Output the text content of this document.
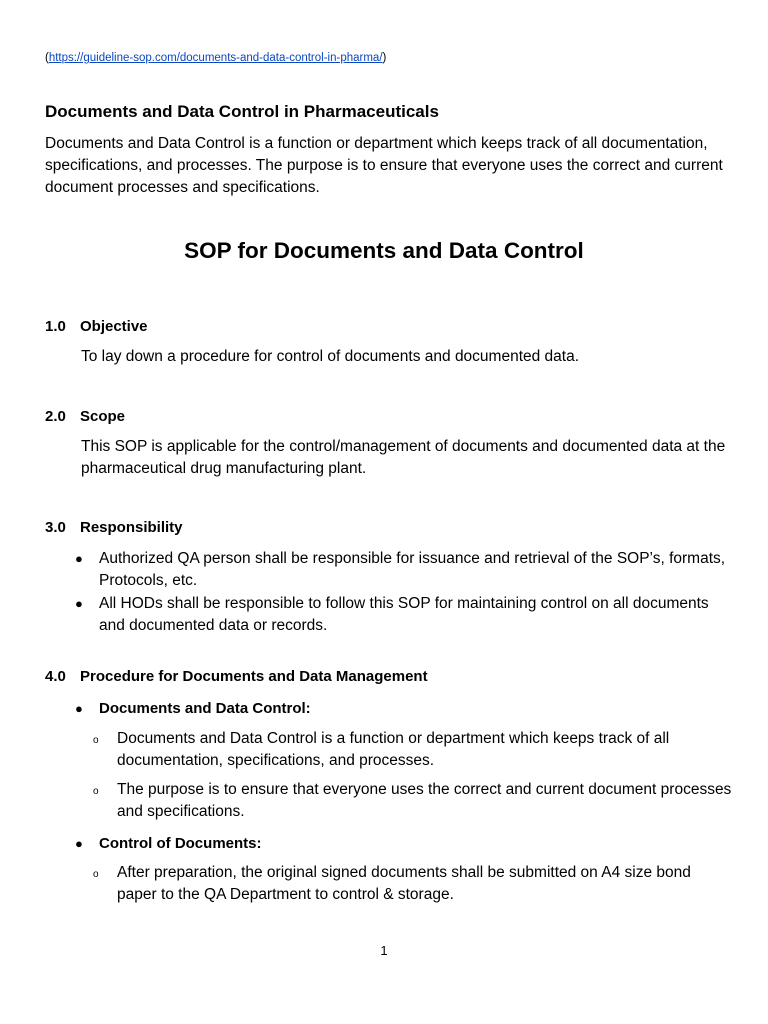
(https://guideline-sop.com/documents-and-data-control-in-pharma/)
Documents and Data Control in Pharmaceuticals

Documents and Data Control is a function or department which keeps track of all documentation, specifications, and processes. The purpose is to ensure that everyone uses the correct and current document processes and specifications.

SOP for Documents and Data Control
1.0 Objective

To lay down a procedure for control of documents and documented data.

2.0 Scope

This SOP is applicable for the control/management of documents and documented data at the pharmaceutical drug manufacturing plant.

3.0 Responsibility
●	Authorized QA person shall be responsible for issuance and retrieval of the SOP’s, formats, Protocols, etc.
●	All HODs shall be responsible to follow this SOP for maintaining control on all documents and documented data or records.
4.0 Procedure for Documents and Data Management
●	Documents and Data Control:
o	Documents and Data Control is a function or department which keeps track of all documentation, specifications, and processes.
o	The purpose is to ensure that everyone uses the correct and current document processes and specifications.
●	Control of Documents:
o	After preparation, the original signed documents shall be submitted on A4 size bond paper to the QA Department to control & storage.
1
